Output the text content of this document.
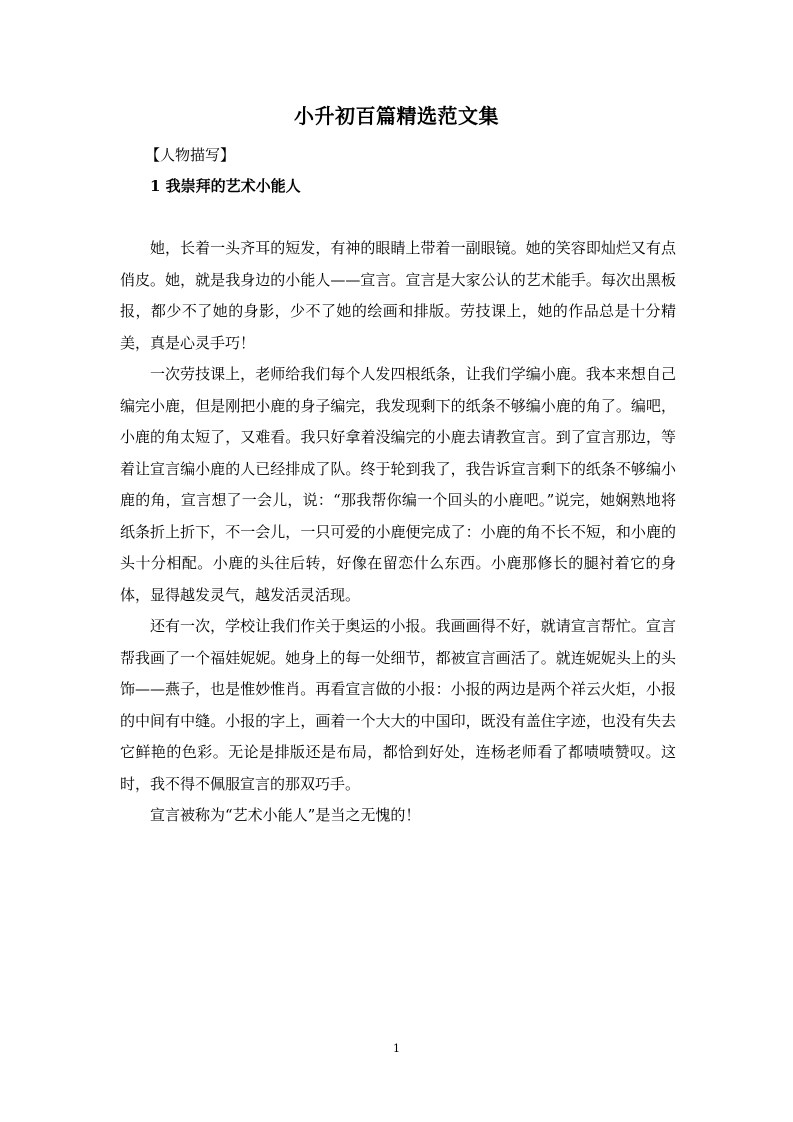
小升初百篇精选范文集
【人物描写】
1 我崇拜的艺术小能人

她，长着一头齐耳的短发，有神的眼睛上带着一副眼镜。她的笑容即灿烂又有点俏皮。她，就是我身边的小能人——宣言。宣言是大家公认的艺术能手。每次出黑板报，都少不了她的身影，少不了她的绘画和排版。劳技课上，她的作品总是十分精美，真是心灵手巧！

一次劳技课上，老师给我们每个人发四根纸条，让我们学编小鹿。我本来想自己编完小鹿，但是刚把小鹿的身子编完，我发现剩下的纸条不够编小鹿的角了。编吧，小鹿的角太短了，又难看。我只好拿着没编完的小鹿去请教宣言。到了宣言那边，等着让宣言编小鹿的人已经排成了队。终于轮到我了，我告诉宣言剩下的纸条不够编小鹿的角，宣言想了一会儿，说：“那我帮你编一个回头的小鹿吧。”说完，她娴熟地将纸条折上折下，不一会儿，一只可爱的小鹿便完成了：小鹿的角不长不短，和小鹿的头十分相配。小鹿的头往后转，好像在留恋什么东西。小鹿那修长的腿衬着它的身体，显得越发灵气，越发活灵活现。

还有一次，学校让我们作关于奥运的小报。我画画得不好，就请宣言帮忙。宣言帮我画了一个福娃妮妮。她身上的每一处细节，都被宣言画活了。就连妮妮头上的头饰——燕子，也是惟妙惟肖。再看宣言做的小报：小报的两边是两个祥云火炬，小报的中间有中缝。小报的字上，画着一个大大的中国印，既没有盖住字迹，也没有失去它鲜艳的色彩。无论是排版还是布局，都恰到好处，连杨老师看了都啧啧赞叹。这时，我不得不佩服宣言的那双巧手。

宣言被称为“艺术小能人”是当之无愧的！

1
